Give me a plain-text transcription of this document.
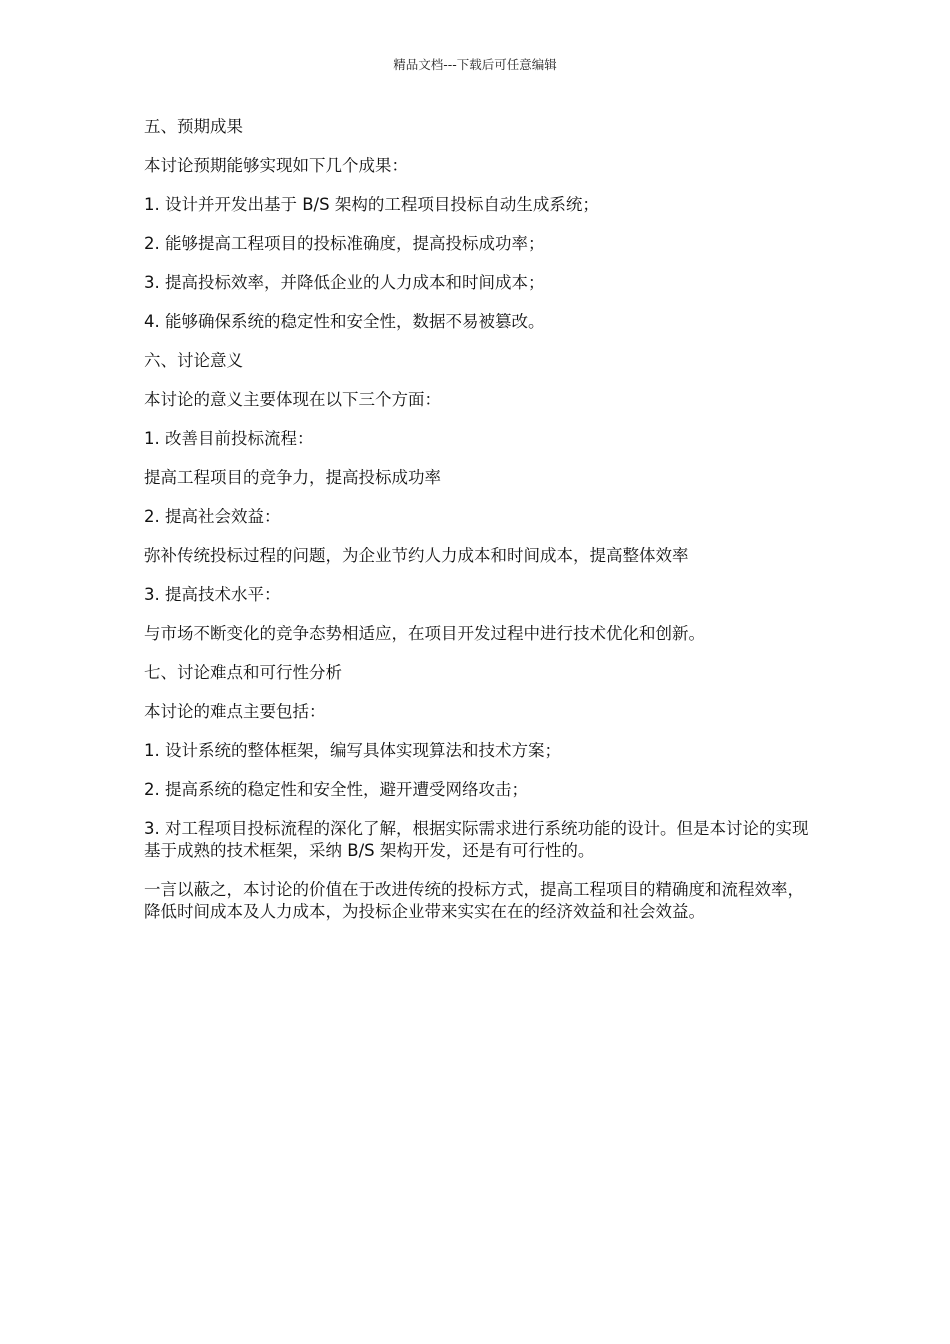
精品文档---下载后可任意编辑

五、预期成果

本讨论预期能够实现如下几个成果：

1. 设计并开发出基于 B/S 架构的工程项目投标自动生成系统；

2. 能够提高工程项目的投标准确度，提高投标成功率；

3. 提高投标效率，并降低企业的人力成本和时间成本；

4. 能够确保系统的稳定性和安全性，数据不易被篡改。

六、讨论意义

本讨论的意义主要体现在以下三个方面：

1. 改善目前投标流程：

提高工程项目的竞争力，提高投标成功率

2. 提高社会效益：

弥补传统投标过程的问题，为企业节约人力成本和时间成本，提高整体效率

3. 提高技术水平：

与市场不断变化的竞争态势相适应，在项目开发过程中进行技术优化和创新。

七、讨论难点和可行性分析

本讨论的难点主要包括：

1. 设计系统的整体框架，编写具体实现算法和技术方案；

2. 提高系统的稳定性和安全性，避开遭受网络攻击；

3. 对工程项目投标流程的深化了解，根据实际需求进行系统功能的设计。但是本讨论的实现基于成熟的技术框架，采纳 B/S 架构开发，还是有可行性的。

一言以蔽之，本讨论的价值在于改进传统的投标方式，提高工程项目的精确度和流程效率，降低时间成本及人力成本，为投标企业带来实实在在的经济效益和社会效益。
